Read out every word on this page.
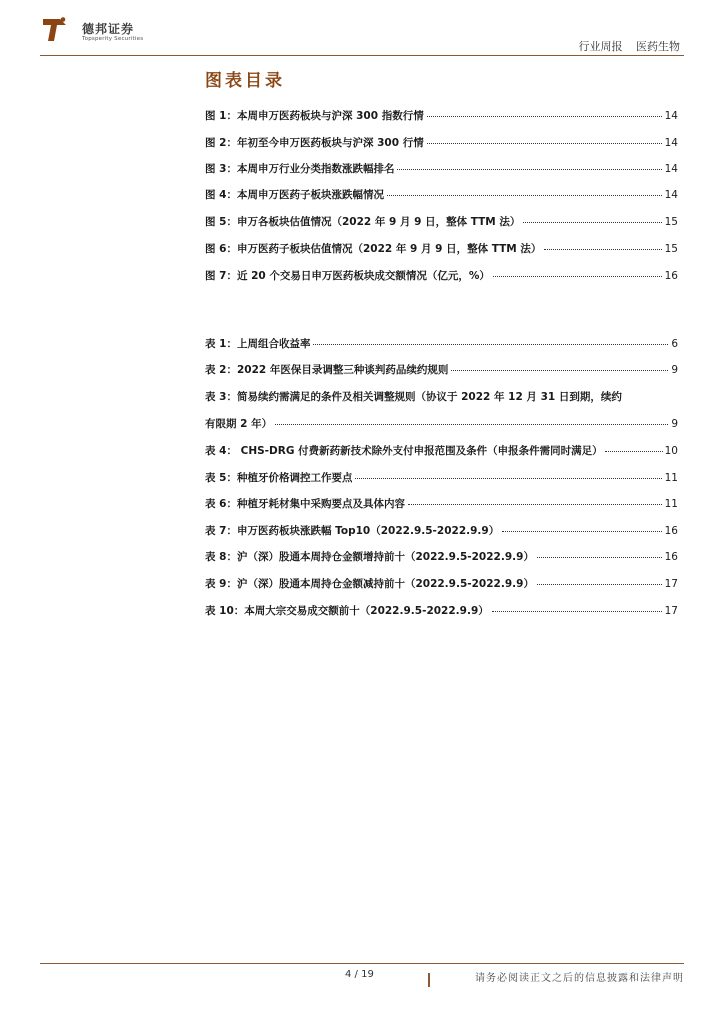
德邦证券
Topsperity Securities
行业周报 医药生物
图表目录
图 1：本周申万医药板块与沪深 300 指数行情	14
图 2：年初至今申万医药板块与沪深 300 行情	14
图 3：本周申万行业分类指数涨跌幅排名	14
图 4：本周申万医药子板块涨跌幅情况	14
图 5：申万各板块估值情况（2022 年 9 月 9 日，整体 TTM 法）	15
图 6：申万医药子板块估值情况（2022 年 9 月 9 日，整体 TTM 法）	15
图 7：近 20 个交易日申万医药板块成交额情况（亿元，%）	16
表 1：上周组合收益率	6
表 2：2022 年医保目录调整三种谈判药品续约规则	9
表 3：简易续约需满足的条件及相关调整规则（协议于 2022 年 12 月 31 日到期，续约
有限期 2 年）	9
表 4： CHS-DRG 付费新药新技术除外支付申报范围及条件（申报条件需同时满足）	10
表 5：种植牙价格调控工作要点	11
表 6：种植牙耗材集中采购要点及具体内容	11
表 7：申万医药板块涨跌幅 Top10（2022.9.5-2022.9.9）	16
表 8：沪（深）股通本周持仓金额增持前十（2022.9.5-2022.9.9）	16
表 9：沪（深）股通本周持仓金额减持前十（2022.9.5-2022.9.9）	17
表 10：本周大宗交易成交额前十（2022.9.5-2022.9.9）	17
4 / 19	请务必阅读正文之后的信息披露和法律声明
